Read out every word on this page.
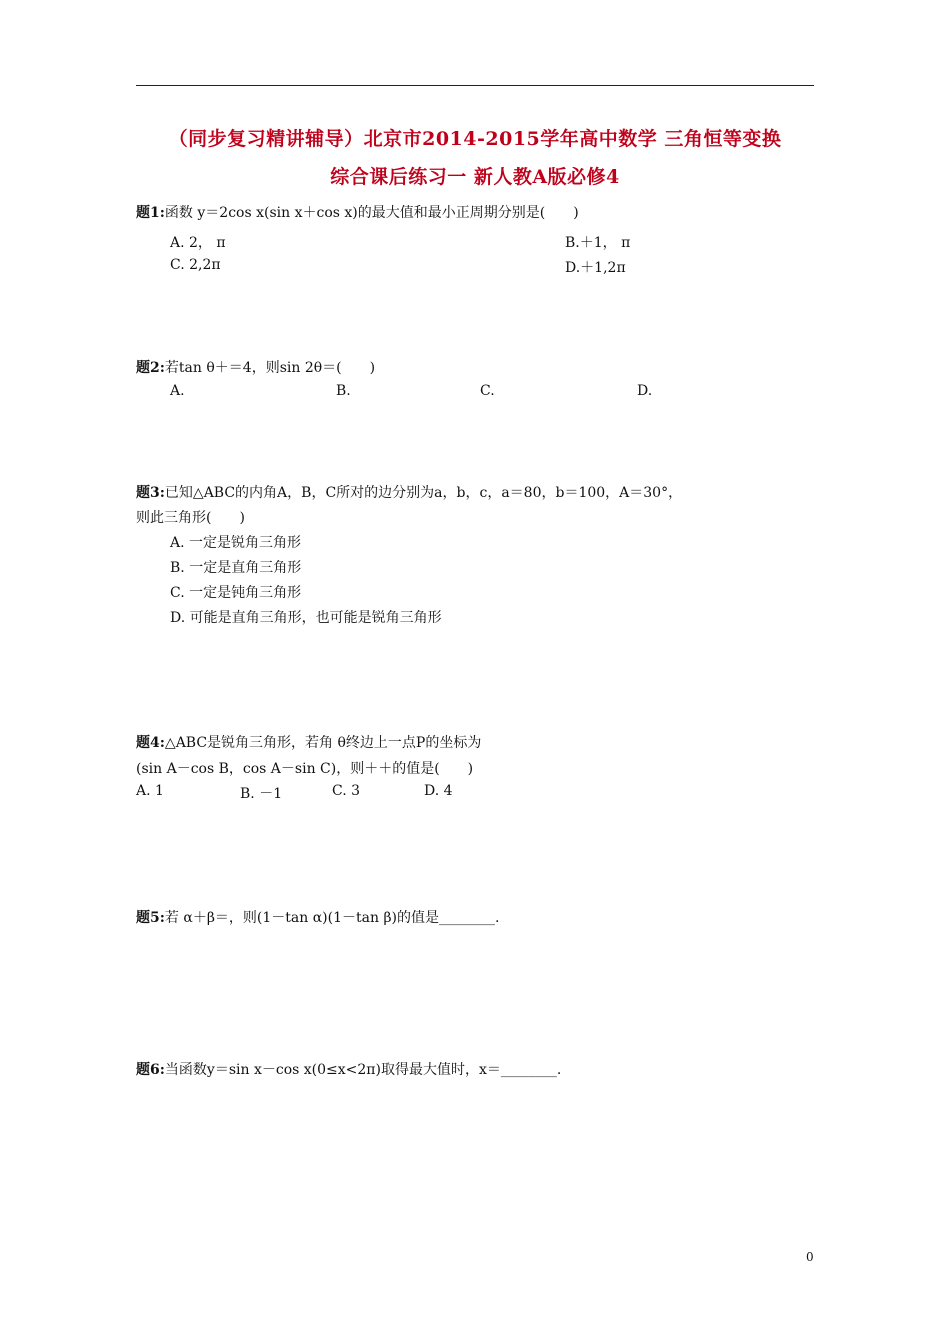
（同步复习精讲辅导）北京市2014-2015学年高中数学 三角恒等变换
综合课后练习一 新人教A版必修4
题1:函数 y＝2cos x(sin x＋cos x)的最大值和最小正周期分别是(　　)
A. 2， π	B.＋1， π
C. 2,2π	D.＋1,2π
题2:若tan θ＋＝4，则sin 2θ＝(　　)
A.	B.	C.	D.
题3:已知△ABC的内角A，B，C所对的边分别为a，b，c，a＝80，b＝100，A＝30°，
则此三角形(　　)
A. 一定是锐角三角形
B. 一定是直角三角形
C. 一定是钝角三角形
D. 可能是直角三角形，也可能是锐角三角形
题4:△ABC是锐角三角形，若角 θ终边上一点P的坐标为
(sin A－cos B，cos A－sin C)，则＋＋的值是(　　)
A. 1	B. －1	C. 3	D. 4
题5:若 α＋β＝，则(1－tan α)(1－tan β)的值是________.
题6:当函数y＝sin x－cos x(0≤x<2π)取得最大值时，x＝________.
0
